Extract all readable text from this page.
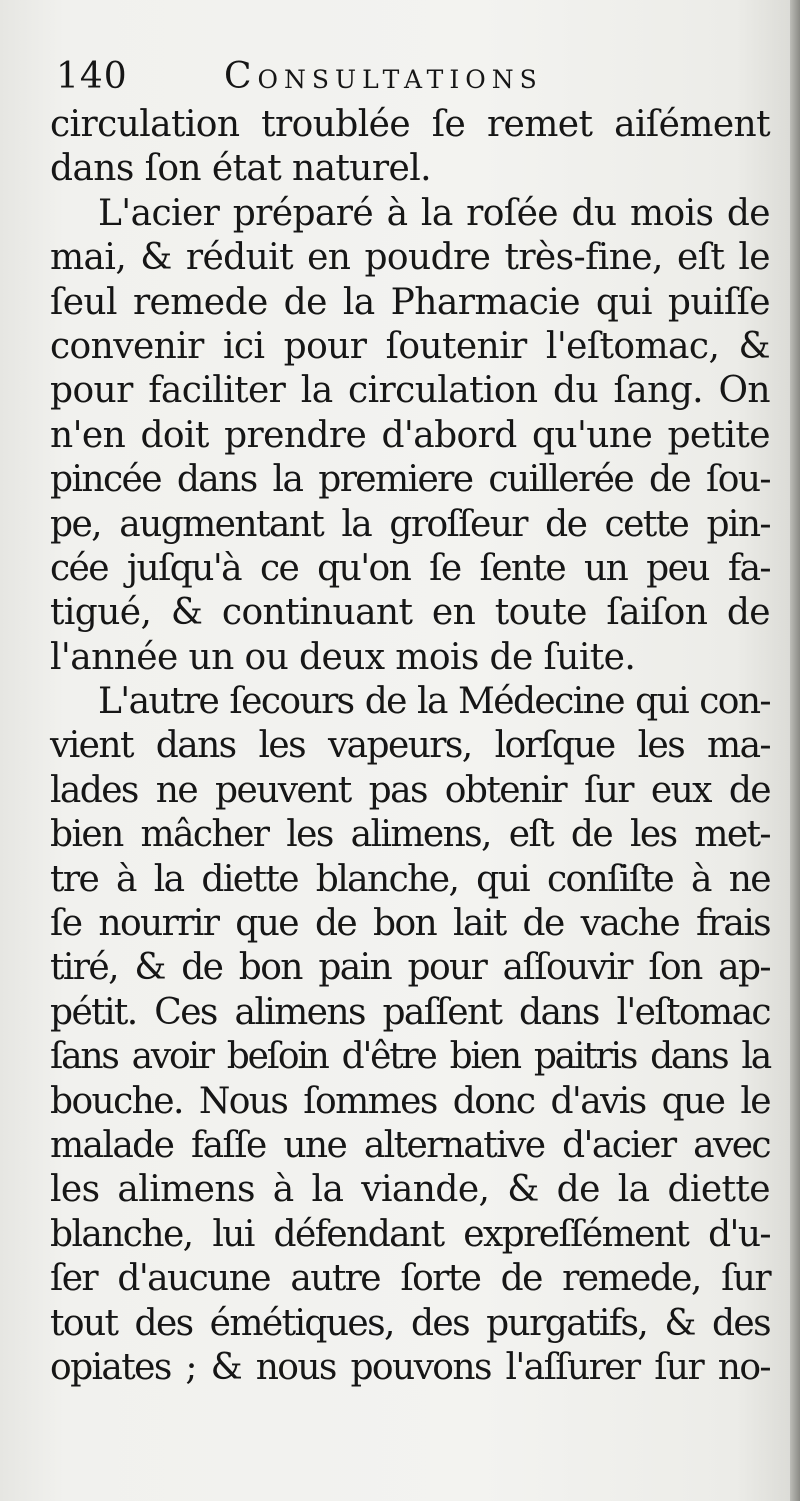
140	Consultations
circulation troublée ſe remet aiſément
dans ſon état naturel.
L'acier préparé à la roſée du mois de
mai, & réduit en poudre très-fine, eſt le
ſeul remede de la Pharmacie qui puiſſe
convenir ici pour ſoutenir l'eſtomac, &
pour faciliter la circulation du ſang. On
n'en doit prendre d'abord qu'une petite
pincée dans la premiere cuillerée de ſou-
pe, augmentant la groſſeur de cette pin-
cée juſqu'à ce qu'on ſe ſente un peu fa-
tigué, & continuant en toute ſaiſon de
l'année un ou deux mois de ſuite.
L'autre ſecours de la Médecine qui con-
vient dans les vapeurs, lorſque les ma-
lades ne peuvent pas obtenir ſur eux de
bien mâcher les alimens, eſt de les met-
tre à la diette blanche, qui conſiſte à ne
ſe nourrir que de bon lait de vache frais
tiré, & de bon pain pour aſſouvir ſon ap-
pétit. Ces alimens paſſent dans l'eſtomac
ſans avoir beſoin d'être bien paitris dans la
bouche. Nous ſommes donc d'avis que le
malade faſſe une alternative d'acier avec
les alimens à la viande, & de la diette
blanche, lui défendant expreſſément d'u-
ſer d'aucune autre ſorte de remede, ſur
tout des émétiques, des purgatifs, & des
opiates ; & nous pouvons l'aſſurer ſur no-
